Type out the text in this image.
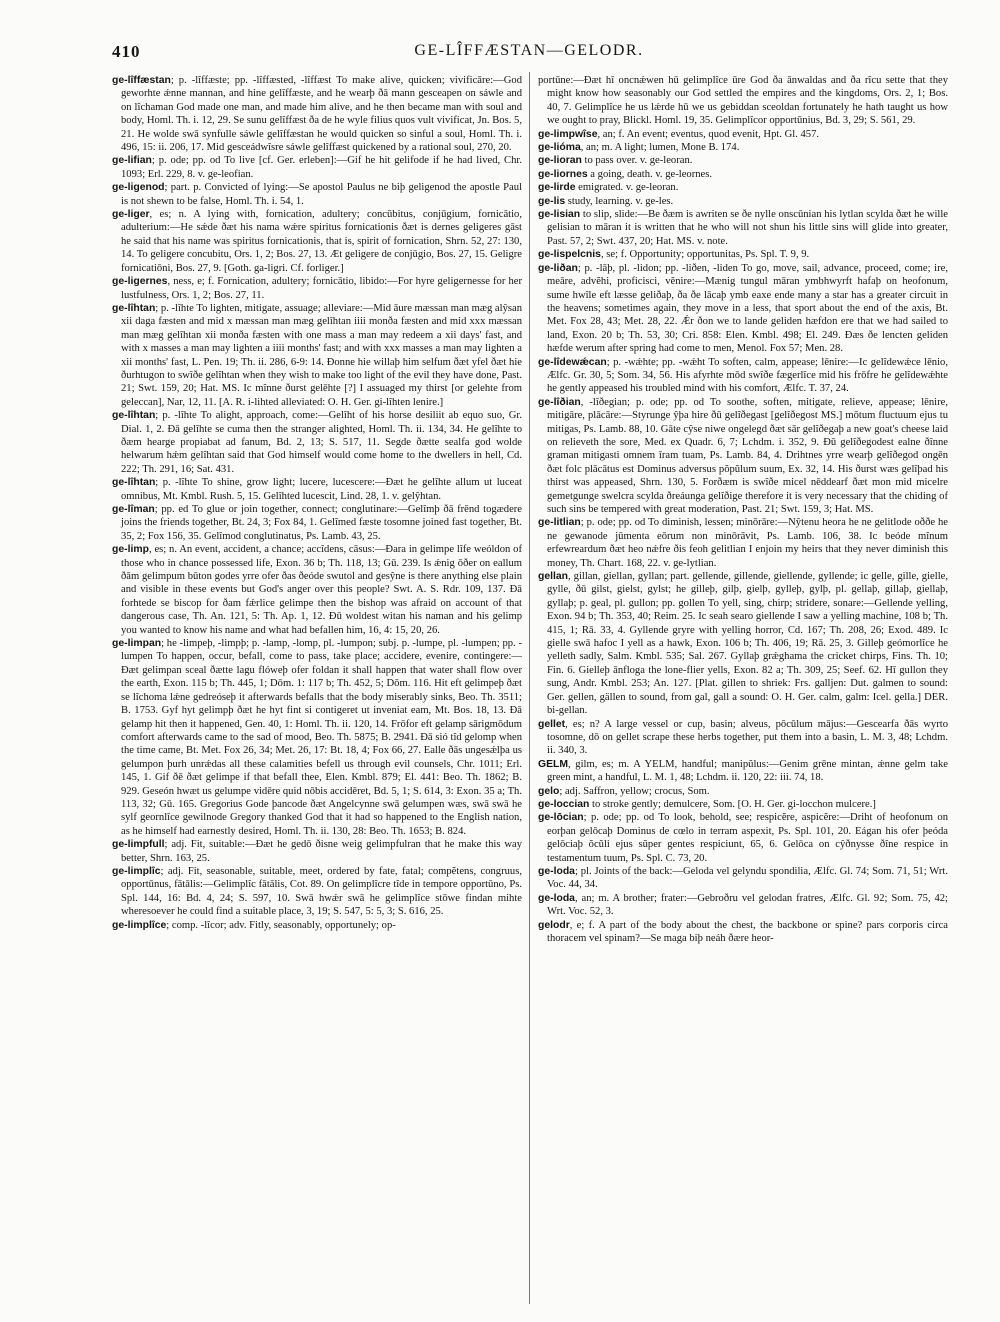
410	GE-LÎFFÆSTAN—GELODR.

ge-lîffæstan; p. -lîffæste; pp. -lîffæsted, -lîffæst To make alive, quicken; vivificāre:—God geworhte ǽnne mannan, and hine gelîffæste, and he wearþ ðā mann gesceapen on sáwle and on lîchaman God made one man, and made him alive, and he then became man with soul and body, Homl. Th. i. 12, 29. Se sunu gelîffæst ða de he wyle filius quos vult vivificat, Jn. Bos. 5, 21. He wolde swā synfulle sáwle gelîffæstan he would quicken so sinful a soul, Homl. Th. i. 496, 15: ii. 206, 17. Mid gesceádwîsre sáwle gelîffæst quickened by a rational soul, 270, 20.

ge-lifian; p. ode; pp. od To live [cf. Ger. erleben]:—Gif he hit gelifode if he had lived, Chr. 1093; Erl. 229, 8. v. ge-leofian.

ge-ligenod; part. p. Convicted of lying:—Se apostol Paulus ne biþ geligenod the apostle Paul is not shewn to be false, Homl. Th. i. 54, 1.

ge-liger, es; n. A lying with, fornication, adultery; concūbitus, conjūgium, fornicātio, adulterium:—He sǽde ðæt his nama wǽre spiritus fornicationis ðæt is dernes geligeres gāst he said that his name was spiritus fornicationis, that is, spirit of fornication, Shrn. 52, 27: 130, 14. To geligere concubitu, Ors. 1, 2; Bos. 27, 13. Æt geligere de conjūgio, Bos. 27, 15. Geligre fornicatiōni, Bos. 27, 9. [Goth. ga-ligri. Cf. forliger.]

ge-ligernes, ness, e; f. Fornication, adultery; fornicātio, libido:—For hyre geligernesse for her lustfulness, Ors. 1, 2; Bos. 27, 11.

ge-lîhtan; p. -lîhte To lighten, mitigate, assuage; alleviare:—Mid āure mæssan man mæg alŷsan xii daga fæsten and mid x mæssan man mæg gelîhtan iiii monða fæsten and mid xxx mæssan man mæg gelîhtan xii monða fæsten with one mass a man may redeem a xii days' fast, and with x masses a man may lighten a iiii months' fast; and with xxx masses a man may lighten a xii months' fast, L. Pen. 19; Th. ii. 286, 6-9: 14. Ðonne hie willaþ him selfum ðæt yfel ðæt hie ðurhtugon to swîðe gelîhtan when they wish to make too light of the evil they have done, Past. 21; Swt. 159, 20; Hat. MS. Ic mînne ðurst gelēhte [?] I assuaged my thirst [or gelehte from geleccan], Nar, 12, 11. [A. R. i-lihted alleviated: O. H. Ger. gi-lîhten lenire.]

ge-lîhtan; p. -lîhte To alight, approach, come:—Gelîht of his horse desiliit ab equo suo, Gr. Dial. 1, 2. Ðā gelîhte se cuma then the stranger alighted, Homl. Th. ii. 134, 34. He gelîhte to ðæm hearge propiabat ad fanum, Bd. 2, 13; S. 517, 11. Segde ðætte sealfa god wolde helwarum hǽm gelîhtan said that God himself would come home to the dwellers in hell, Cd. 222; Th. 291, 16; Sat. 431.

ge-lîhtan; p. -lîhte To shine, grow light; lucere, lucescere:—Ðæt he gelîhte allum ut luceat omnibus, Mt. Kmbl. Rush. 5, 15. Gelîhted lucescit, Lind. 28, 1. v. gelŷhtan.

ge-lîman; pp. ed To glue or join together, connect; conglutinare:—Gelîmþ ðā frēnd togædere joins the friends together, Bt. 24, 3; Fox 84, 1. Gelîmed fæste tosomne joined fast together, Bt. 35, 2; Fox 156, 35. Gelîmod conglutinatus, Ps. Lamb. 43, 25.

ge-limp, es; n. An event, accident, a chance; accîdens, cāsus:—Ðara in gelimpe lîfe weóldon of those who in chance possessed life, Exon. 36 b; Th. 118, 13; Gū. 239. Is ǽnig ōðer on eallum ðām gelimpum būton godes yrre ofer ðas ðeóde swutol and gesŷne is there anything else plain and visible in these events but God's anger over this people? Swt. A. S. Rdr. 109, 137. Ðā forhtede se biscop for ðam fǽrlice gelimpe then the bishop was afraid on account of that dangerous case, Th. An. 121, 5: Th. Ap. 1, 12. Ðū woldest witan his naman and his gelimp you wanted to know his name and what had befallen him, 16, 4: 15, 20, 26.

ge-limpan; he -limpeþ, -limpþ; p. -lamp, -lomp, pl. -lumpon; subj. p. -lumpe, pl. -lumpen; pp. -lumpen To happen, occur, befall, come to pass, take place; accidere, evenire, contingere:—Ðæt gelimpan sceal ðætte lagu flóweþ ofer foldan it shall happen that water shall flow over the earth, Exon. 115 b; Th. 445, 1; Dōm. 1: 117 b; Th. 452, 5; Dōm. 116. Hit eft gelimpeþ ðæt se lîchoma lǽne gedreóseþ it afterwards befalls that the body miserably sinks, Beo. Th. 3511; B. 1753. Gyf hyt gelimpþ ðæt he hyt fint si contigeret ut inveniat eam, Mt. Bos. 18, 13. Ðā gelamp hit then it happened, Gen. 40, 1: Homl. Th. ii. 120, 14. Frōfor eft gelamp sārigmōdum comfort afterwards came to the sad of mood, Beo. Th. 5875; B. 2941. Ðā sió tîd gelomp when the time came, Bt. Met. Fox 26, 34; Met. 26, 17: Bt. 18, 4; Fox 66, 27. Ealle ðās ungesǽlþa us gelumpon þurh unrǽdas all these calamities befell us through evil counsels, Chr. 1011; Erl. 145, 1. Gif ðē ðæt gelimpe if that befall thee, Elen. Kmbl. 879; El. 441: Beo. Th. 1862; B. 929. Geseón hwæt us gelumpe vidēre quid nōbis accidēret, Bd. 5, 1; S. 614, 3: Exon. 35 a; Th. 113, 32; Gū. 165. Gregorius Gode þancode ðæt Angelcynne swā gelumpen wæs, swā swā he sylf geornlîce gewilnode Gregory thanked God that it had so happened to the English nation, as he himself had earnestly desired, Homl. Th. ii. 130, 28: Beo. Th. 1653; B. 824.

ge-limpfull; adj. Fit, suitable:—Ðæt he gedō ðisne weig gelimpfulran that he make this way better, Shrn. 163, 25.

ge-limplîc; adj. Fit, seasonable, suitable, meet, ordered by fate, fatal; compĕtens, congruus, opportūnus, fātālis:—Gelimplîc fātālis, Cot. 89. On gelimplîcre tîde in tempore opportūno, Ps. Spl. 144, 16: Bd. 4, 24; S. 597, 10. Swā hwǽr swā he gelimplîce stōwe findan mihte wheresoever he could find a suitable place, 3, 19; S. 547, 5: 5, 3; S. 616, 25.

ge-limplîce; comp. -lîcor; adv. Fitly, seasonably, opportunely; op-

portūne:—Ðæt hî oncnǽwen hū gelimplîce ūre God ða ānwaldas and ða rîcu sette that they might know how seasonably our God settled the empires and the kingdoms, Ors. 2, 1; Bos. 40, 7. Gelimplîce he us lǽrde hū we us gebiddan sceoldan fortunately he hath taught us how we ought to pray, Blickl. Homl. 19, 35. Gelimplîcor opportūnius, Bd. 3, 29; S. 561, 29.

ge-limpwîse, an; f. An event; eventus, quod evenit, Hpt. Gl. 457.

ge-lióma, an; m. A light; lumen, Mone B. 174.

ge-lioran to pass over. v. ge-leoran.

ge-liornes a going, death. v. ge-leornes.

ge-lirde emigrated. v. ge-leoran.

ge-lis study, learning. v. ge-les.

ge-lisian to slip, slide:—Be ðæm is awriten se ðe nylle onscūnian his lytlan scylda ðæt he wille gelisian to māran it is written that he who will not shun his little sins will glide into greater, Past. 57, 2; Swt. 437, 20; Hat. MS. v. note.

ge-lispelcnis, se; f. Opportunity; opportunitas, Ps. Spl. T. 9, 9.

ge-liðan; p. -lāþ, pl. -lidon; pp. -liðen, -liden To go, move, sail, advance, proceed, come; ire, meāre, advĕhi, proficisci, vĕnire:—Mænig tungul māran ymbhwyrft hafaþ on heofonum, sume hwîle eft læsse geliðaþ, ða ðe lācaþ ymb eaxe ende many a star has a greater circuit in the heavens; sometimes again, they move in a less, that sport about the end of the axis, Bt. Met. Fox 28, 43; Met. 28, 22. Ǽr ðon we to lande geliden hæfdon ere that we had sailed to land, Exon. 20 b; Th. 53, 30; Cri. 858: Elen. Kmbl. 498; El. 249. Ðæs ðe lencten geliden hæfde werum after spring had come to men, Menol. Fox 57; Men. 28.

ge-lîdewǽcan; p. -wǽhte; pp. -wǽht To soften, calm, appease; lēnire:—Ic gelîdewǽce lēnio, Ælfc. Gr. 30, 5; Som. 34, 56. His afyrhte mōd swîðe fægerlîce mid his frōfre he gelîdewǽhte he gently appeased his troubled mind with his comfort, Ælfc. T. 37, 24.

ge-lîðian, -lîðegian; p. ode; pp. od To soothe, soften, mitigate, relieve, appease; lēnire, mitigāre, plācāre:—Styrunge ŷþa hire ðū gelîðegast [gelîðegost MS.] mōtum fluctuum ejus tu mitigas, Ps. Lamb. 88, 10. Gāte cŷse niwe ongelegd ðæt sār gelîðegaþ a new goat's cheese laid on relieveth the sore, Med. ex Quadr. 6, 7; Lchdm. i. 352, 9. Ðū gelîðegodest ealne ðînne graman mitigasti omnem īram tuam, Ps. Lamb. 84, 4. Drihtnes yrre wearþ gelîðegod ongēn ðæt folc plācātus est Dominus adversus pŏpŭlum suum, Ex. 32, 14. His ðurst wæs gelîþad his thirst was appeased, Shrn. 130, 5. Forðæm is swîðe micel nēddearf ðæt mon mid micelre gemetgunge swelcra scylda ðreáunga gelîðige therefore it is very necessary that the chiding of such sins be tempered with great moderation, Past. 21; Swt. 159, 3; Hat. MS.

ge-litlian; p. ode; pp. od To diminish, lessen; minōrāre:—Nŷtenu heora he ne gelitlode oððe he ne gewanode jūmenta eōrum non minōrāvit, Ps. Lamb. 106, 38. Ic beóde mînum erfewreardum ðæt heo nǽfre ðis feoh gelitlian I enjoin my heirs that they never diminish this money, Th. Chart. 168, 22. v. ge-lytlian.

gellan, gillan, giellan, gyllan; part. gellende, gillende, giellende, gyllende; ic gelle, gille, gielle, gylle, ðū gilst, gielst, gylst; he gilleþ, gilþ, gielþ, gylleþ, gylþ, pl. gellaþ, gillaþ, giellaþ, gyllaþ; p. geal, pl. gullon; pp. gollen To yell, sing, chirp; stridere, sonare:—Gellende yelling, Exon. 94 b; Th. 353, 40; Reim. 25. Ic seah searo giellende I saw a yelling machine, 108 b; Th. 415, 1; Rā. 33, 4. Gyllende gryre with yelling horror, Cd. 167; Th. 208, 26; Exod. 489. Ic gielle swā hafoc I yell as a hawk, Exon. 106 b; Th. 406, 19; Rā. 25, 3. Gilleþ geómorlîce he yelleth sadly, Salm. Kmbl. 535; Sal. 267. Gyllaþ grǽghama the cricket chirps, Fins. Th. 10; Fin. 6. Gielleþ ānfloga the lone-flier yells, Exon. 82 a; Th. 309, 25; Seef. 62. Hī gullon they sung, Andr. Kmbl. 253; An. 127. [Plat. gillen to shriek: Frs. galljen: Dut. galmen to sound: Ger. gellen, gällen to sound, from gal, gall a sound: O. H. Ger. calm, galm: Icel. gella.] DER. bi-gellan.

gellet, es; n? A large vessel or cup, basin; alveus, pōcūlum mājus:—Gescearfa ðās wyrto tosomne, dō on gellet scrape these herbs together, put them into a basin, L. M. 3, 48; Lchdm. ii. 340, 3.

GELM, gilm, es; m. A YELM, handful; manipŭlus:—Genim grēne mintan, ǽnne gelm take green mint, a handful, L. M. 1, 48; Lchdm. ii. 120, 22: iii. 74, 18.

gelo; adj. Saffron, yellow; crocus, Som.

ge-loccian to stroke gently; demulcere, Som. [O. H. Ger. gi-locchon mulcere.]

ge-lōcian; p. ode; pp. od To look, behold, see; respicĕre, aspicĕre:—Driht of heofonum on eorþan gelōcaþ Dominus de cœlo in terram aspexit, Ps. Spl. 101, 20. Eágan his ofer þeóda gelōciaþ ŏcŭli ejus sŭper gentes respiciunt, 65, 6. Gelōca on cŷðnysse ðîne respice in testamentum tuum, Ps. Spl. C. 73, 20.

ge-loda; pl. Joints of the back:—Geloda vel gelyndu spondilia, Ælfc. Gl. 74; Som. 71, 51; Wrt. Voc. 44, 34.

ge-loda, an; m. A brother; frater:—Gebroðru vel gelodan fratres, Ælfc. Gl. 92; Som. 75, 42; Wrt. Voc. 52, 3.

gelodr, e; f. A part of the body about the chest, the backbone or spine? pars corporis circa thoracem vel spinam?—Se maga biþ neáh ðære heor-
